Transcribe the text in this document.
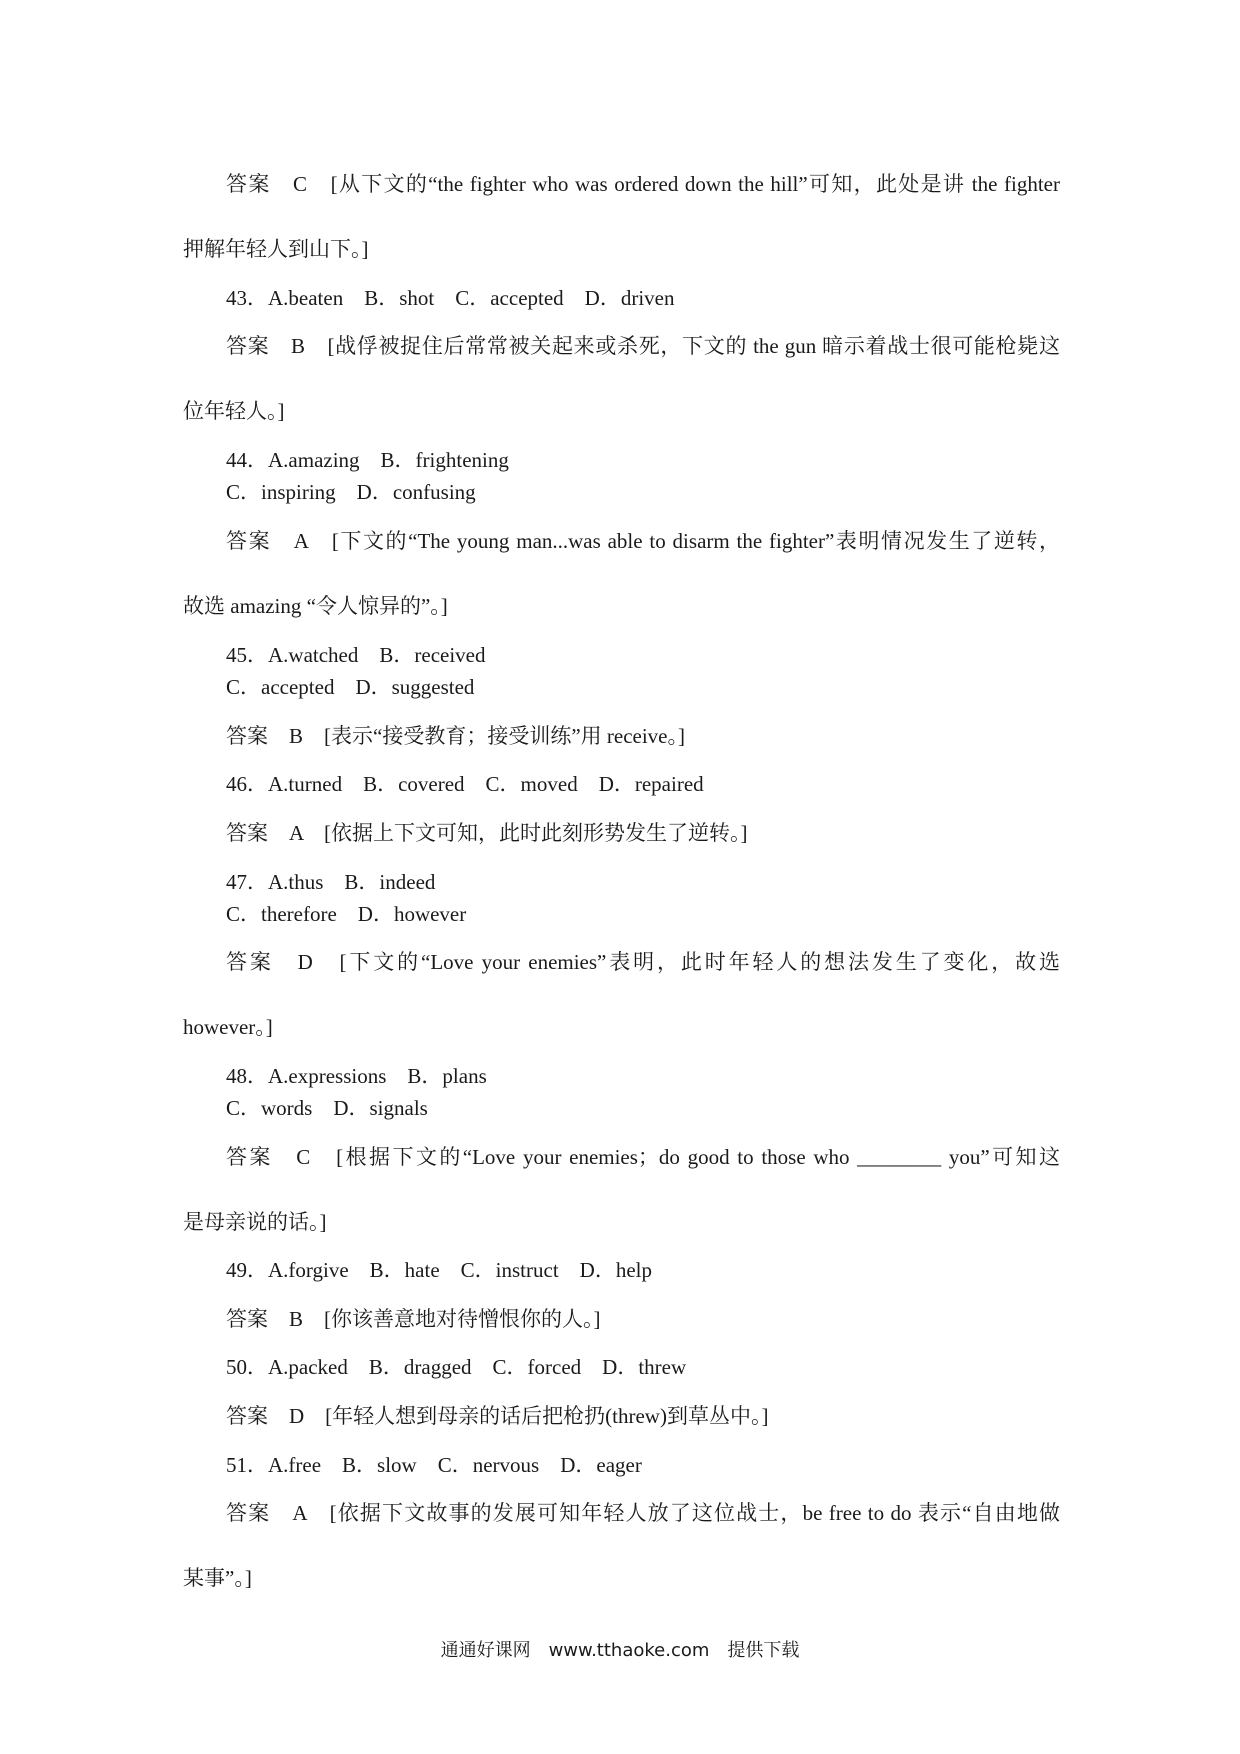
答案　C　[从下文的“the fighter who was ordered down the hill”可知，此处是讲 the fighter
押解年轻人到山下。]
43．A.beaten　B．shot　C．accepted　D．driven
答案　B　[战俘被捉住后常常被关起来或杀死，下文的 the gun 暗示着战士很可能枪毙这
位年轻人。]
44．A.amazing　B．frightening
C．inspiring　D．confusing
答案　A　[下文的“The young man...was able to disarm the fighter”表明情况发生了逆转，
故选 amazing “令人惊异的”。]
45．A.watched　B．received
C．accepted　D．suggested
答案　B　[表示“接受教育；接受训练”用 receive。]
46．A.turned　B．covered　C．moved　D．repaired
答案　A　[依据上下文可知，此时此刻形势发生了逆转。]
47．A.thus　B．indeed
C．therefore　D．however
答案　D　[下文的“Love your enemies”表明，此时年轻人的想法发生了变化，故选
however。]
48．A.expressions　B．plans
C．words　D．signals
答案　C　[根据下文的“Love your enemies；do good to those who ________ you”可知这
是母亲说的话。]
49．A.forgive　B．hate　C．instruct　D．help
答案　B　[你该善意地对待憎恨你的人。]
50．A.packed　B．dragged　C．forced　D．threw
答案　D　[年轻人想到母亲的话后把枪扔(threw)到草丛中。]
51．A.free　B．slow　C．nervous　D．eager
答案　A　[依据下文故事的发展可知年轻人放了这位战士，be free to do 表示“自由地做
某事”。]
通通好课网　www.tthaoke.com　提供下载
